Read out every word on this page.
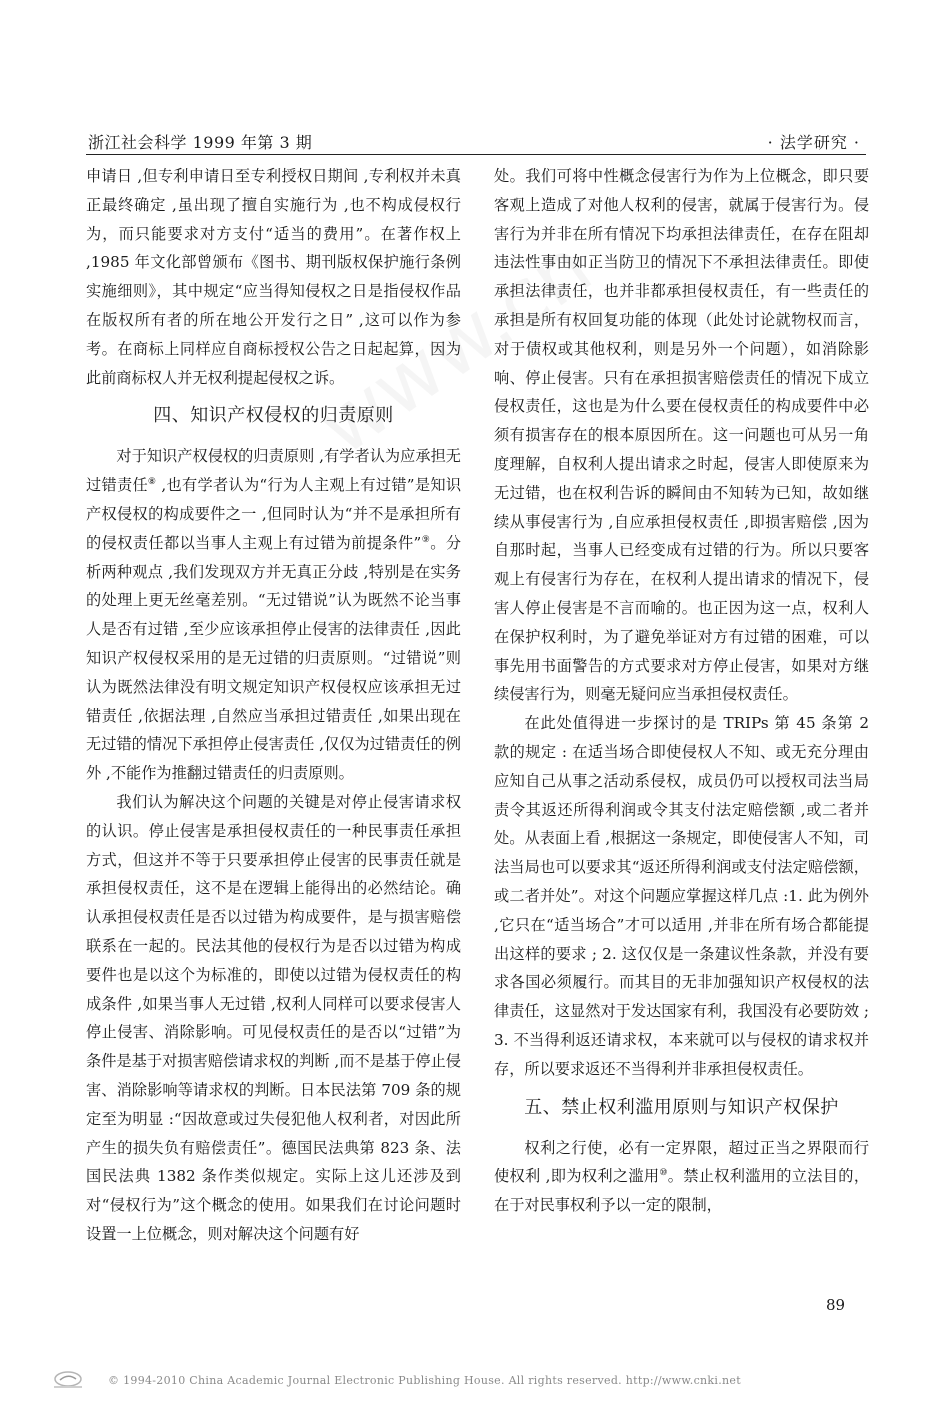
浙江社会科学 1999 年第 3 期	· 法学研究 ·

申请日 ,但专利申请日至专利授权日期间 ,专利权并未真正最终确定 ,虽出现了擅自实施行为 ,也不构成侵权行为，而只能要求对方支付“适当的费用”。在著作权上 ,1985 年文化部曾颁布《图书、期刊版权保护施行条例实施细则》，其中规定“应当得知侵权之日是指侵权作品在版权所有者的所在地公开发行之日” ,这可以作为参考。在商标上同样应自商标授权公告之日起起算，因为此前商标权人并无权利提起侵权之诉。

四、知识产权侵权的归责原则

对于知识产权侵权的归责原则 ,有学者认为应承担无过错责任⑧ ,也有学者认为“行为人主观上有过错”是知识产权侵权的构成要件之一 ,但同时认为“并不是承担所有的侵权责任都以当事人主观上有过错为前提条件”⑨。分析两种观点 ,我们发现双方并无真正分歧 ,特别是在实务的处理上更无丝毫差别。“无过错说”认为既然不论当事人是否有过错 ,至少应该承担停止侵害的法律责任 ,因此知识产权侵权采用的是无过错的归责原则。“过错说”则认为既然法律没有明文规定知识产权侵权应该承担无过错责任 ,依据法理 ,自然应当承担过错责任 ,如果出现在无过错的情况下承担停止侵害责任 ,仅仅为过错责任的例外 ,不能作为推翻过错责任的归责原则。

我们认为解决这个问题的关键是对停止侵害请求权的认识。停止侵害是承担侵权责任的一种民事责任承担方式，但这并不等于只要承担停止侵害的民事责任就是承担侵权责任，这不是在逻辑上能得出的必然结论。确认承担侵权责任是否以过错为构成要件，是与损害赔偿联系在一起的。民法其他的侵权行为是否以过错为构成要件也是以这个为标准的，即使以过错为侵权责任的构成条件 ,如果当事人无过错 ,权利人同样可以要求侵害人停止侵害、消除影响。可见侵权责任的是否以“过错”为条件是基于对损害赔偿请求权的判断 ,而不是基于停止侵害、消除影响等请求权的判断。日本民法第 709 条的规定至为明显 :“因故意或过失侵犯他人权利者，对因此所产生的损失负有赔偿责任”。德国民法典第 823 条、法国民法典 1382 条作类似规定。实际上这儿还涉及到对“侵权行为”这个概念的使用。如果我们在讨论问题时设置一上位概念，则对解决这个问题有好

处。我们可将中性概念侵害行为作为上位概念，即只要客观上造成了对他人权利的侵害，就属于侵害行为。侵害行为并非在所有情况下均承担法律责任，在存在阻却违法性事由如正当防卫的情况下不承担法律责任。即使承担法律责任，也并非都承担侵权责任，有一些责任的承担是所有权回复功能的体现（此处讨论就物权而言，对于债权或其他权利，则是另外一个问题），如消除影响、停止侵害。只有在承担损害赔偿责任的情况下成立侵权责任，这也是为什么要在侵权责任的构成要件中必须有损害存在的根本原因所在。这一问题也可从另一角度理解，自权利人提出请求之时起，侵害人即使原来为无过错，也在权利告诉的瞬间由不知转为已知，故如继续从事侵害行为 ,自应承担侵权责任 ,即损害赔偿 ,因为自那时起，当事人已经变成有过错的行为。所以只要客观上有侵害行为存在，在权利人提出请求的情况下，侵害人停止侵害是不言而喻的。也正因为这一点，权利人在保护权利时，为了避免举证对方有过错的困难，可以事先用书面警告的方式要求对方停止侵害，如果对方继续侵害行为，则毫无疑问应当承担侵权责任。

在此处值得进一步探讨的是 TRIPs 第 45 条第 2 款的规定 : 在适当场合即使侵权人不知、或无充分理由应知自己从事之活动系侵权，成员仍可以授权司法当局责令其返还所得利润或令其支付法定赔偿额 ,或二者并处。从表面上看 ,根据这一条规定，即使侵害人不知，司法当局也可以要求其“返还所得利润或支付法定赔偿额，或二者并处”。对这个问题应掌握这样几点 :1. 此为例外 ,它只在“适当场合”才可以适用 ,并非在所有场合都能提出这样的要求 ; 2. 这仅仅是一条建议性条款，并没有要求各国必须履行。而其目的无非加强知识产权侵权的法律责任，这显然对于发达国家有利，我国没有必要防效 ; 3. 不当得利返还请求权，本来就可以与侵权的请求权并存，所以要求返还不当得利并非承担侵权责任。

五、禁止权利滥用原则与知识产权保护

权利之行使，必有一定界限，超过正当之界限而行使权利 ,即为权利之滥用⑩。禁止权利滥用的立法目的，在于对民事权利予以一定的限制，

89
© 1994-2010 China Academic Journal Electronic Publishing House. All rights reserved. http://www.cnki.net
